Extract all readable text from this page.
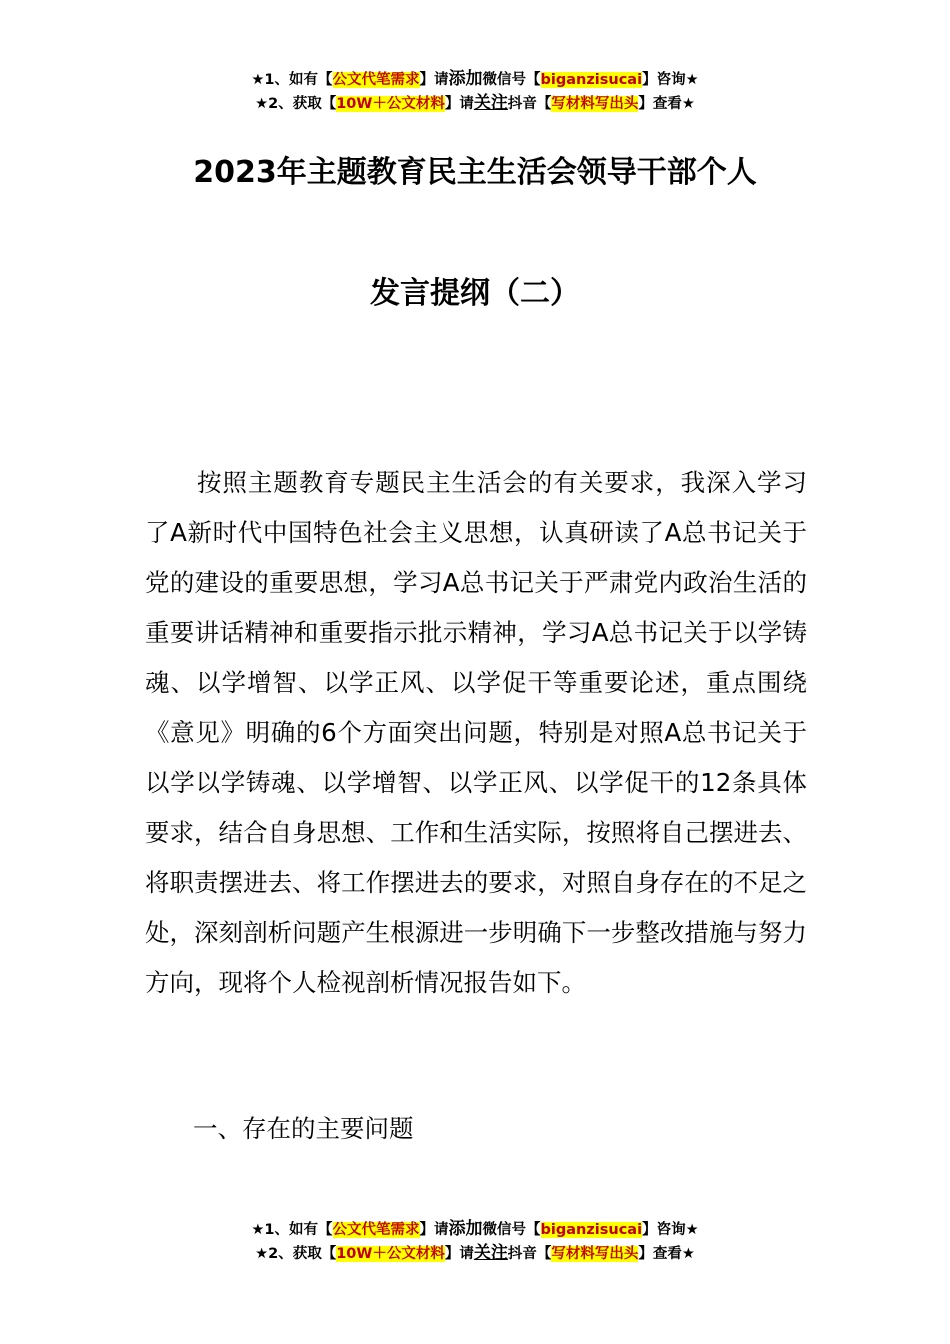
★1、如有【公文代笔需求】请添加微信号【biganzisucai】咨询★
★2、获取【10W＋公文材料】请关注抖音【写材料写出头】查看★
2023年主题教育民主生活会领导干部个人
发言提纲（二）

按照主题教育专题民主生活会的有关要求，我深入学习了A新时代中国特色社会主义思想，认真研读了A总书记关于党的建设的重要思想，学习A总书记关于严肃党内政治生活的重要讲话精神和重要指示批示精神，学习A总书记关于以学铸魂、以学增智、以学正风、以学促干等重要论述，重点围绕《意见》明确的6个方面突出问题，特别是对照A总书记关于以学以学铸魂、以学增智、以学正风、以学促干的12条具体要求，结合自身思想、工作和生活实际，按照将自己摆进去、将职责摆进去、将工作摆进去的要求，对照自身存在的不足之处，深刻剖析问题产生根源进一步明确下一步整改措施与努力方向，现将个人检视剖析情况报告如下。

一、存在的主要问题
★1、如有【公文代笔需求】请添加微信号【biganzisucai】咨询★
★2、获取【10W＋公文材料】请关注抖音【写材料写出头】查看★
